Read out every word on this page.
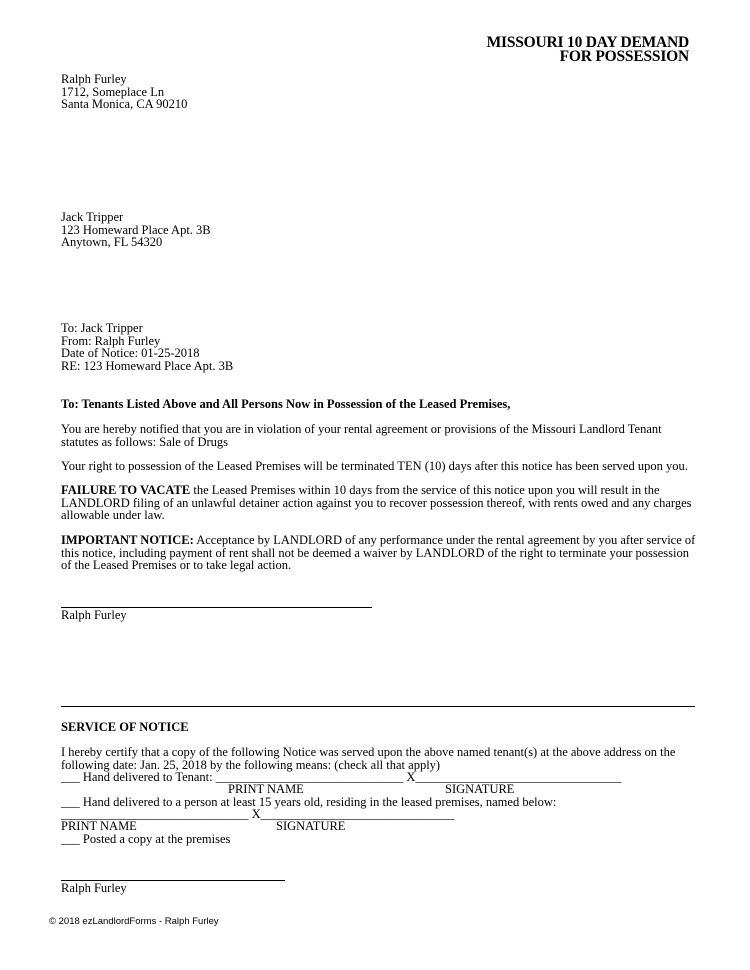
MISSOURI 10 DAY DEMAND
FOR POSSESSION
Ralph Furley
1712, Someplace Ln
Santa Monica, CA 90210
Jack Tripper
123 Homeward Place Apt. 3B
Anytown, FL 54320
To: Jack Tripper
From: Ralph Furley
Date of Notice: 01-25-2018
RE: 123 Homeward Place Apt. 3B
To: Tenants Listed Above and All Persons Now in Possession of the Leased Premises,
You are hereby notified that you are in violation of your rental agreement or provisions of the Missouri Landlord Tenant statutes as follows: Sale of Drugs
Your right to possession of the Leased Premises will be terminated TEN (10) days after this notice has been served upon you.
FAILURE TO VACATE the Leased Premises within 10 days from the service of this notice upon you will result in the LANDLORD filing of an unlawful detainer action against you to recover possession thereof, with rents owed and any charges allowable under law.
IMPORTANT NOTICE: Acceptance by LANDLORD of any performance under the rental agreement by you after service of this notice, including payment of rent shall not be deemed a waiver by LANDLORD of the right to terminate your possession of the Leased Premises or to take legal action.
Ralph Furley
SERVICE OF NOTICE
I hereby certify that a copy of the following Notice was served upon the above named tenant(s) at the above address on the following date: Jan. 25, 2018 by the following means: (check all that apply)
___ Hand delivered to Tenant: ______________________________ X_________________________________
PRINT NAME	SIGNATURE
___ Hand delivered to a person at least 15 years old, residing in the leased premises, named below:
______________________________ X_______________________________
PRINT NAME	SIGNATURE
___ Posted a copy at the premises
Ralph Furley
© 2018 ezLandlordForms - Ralph Furley
